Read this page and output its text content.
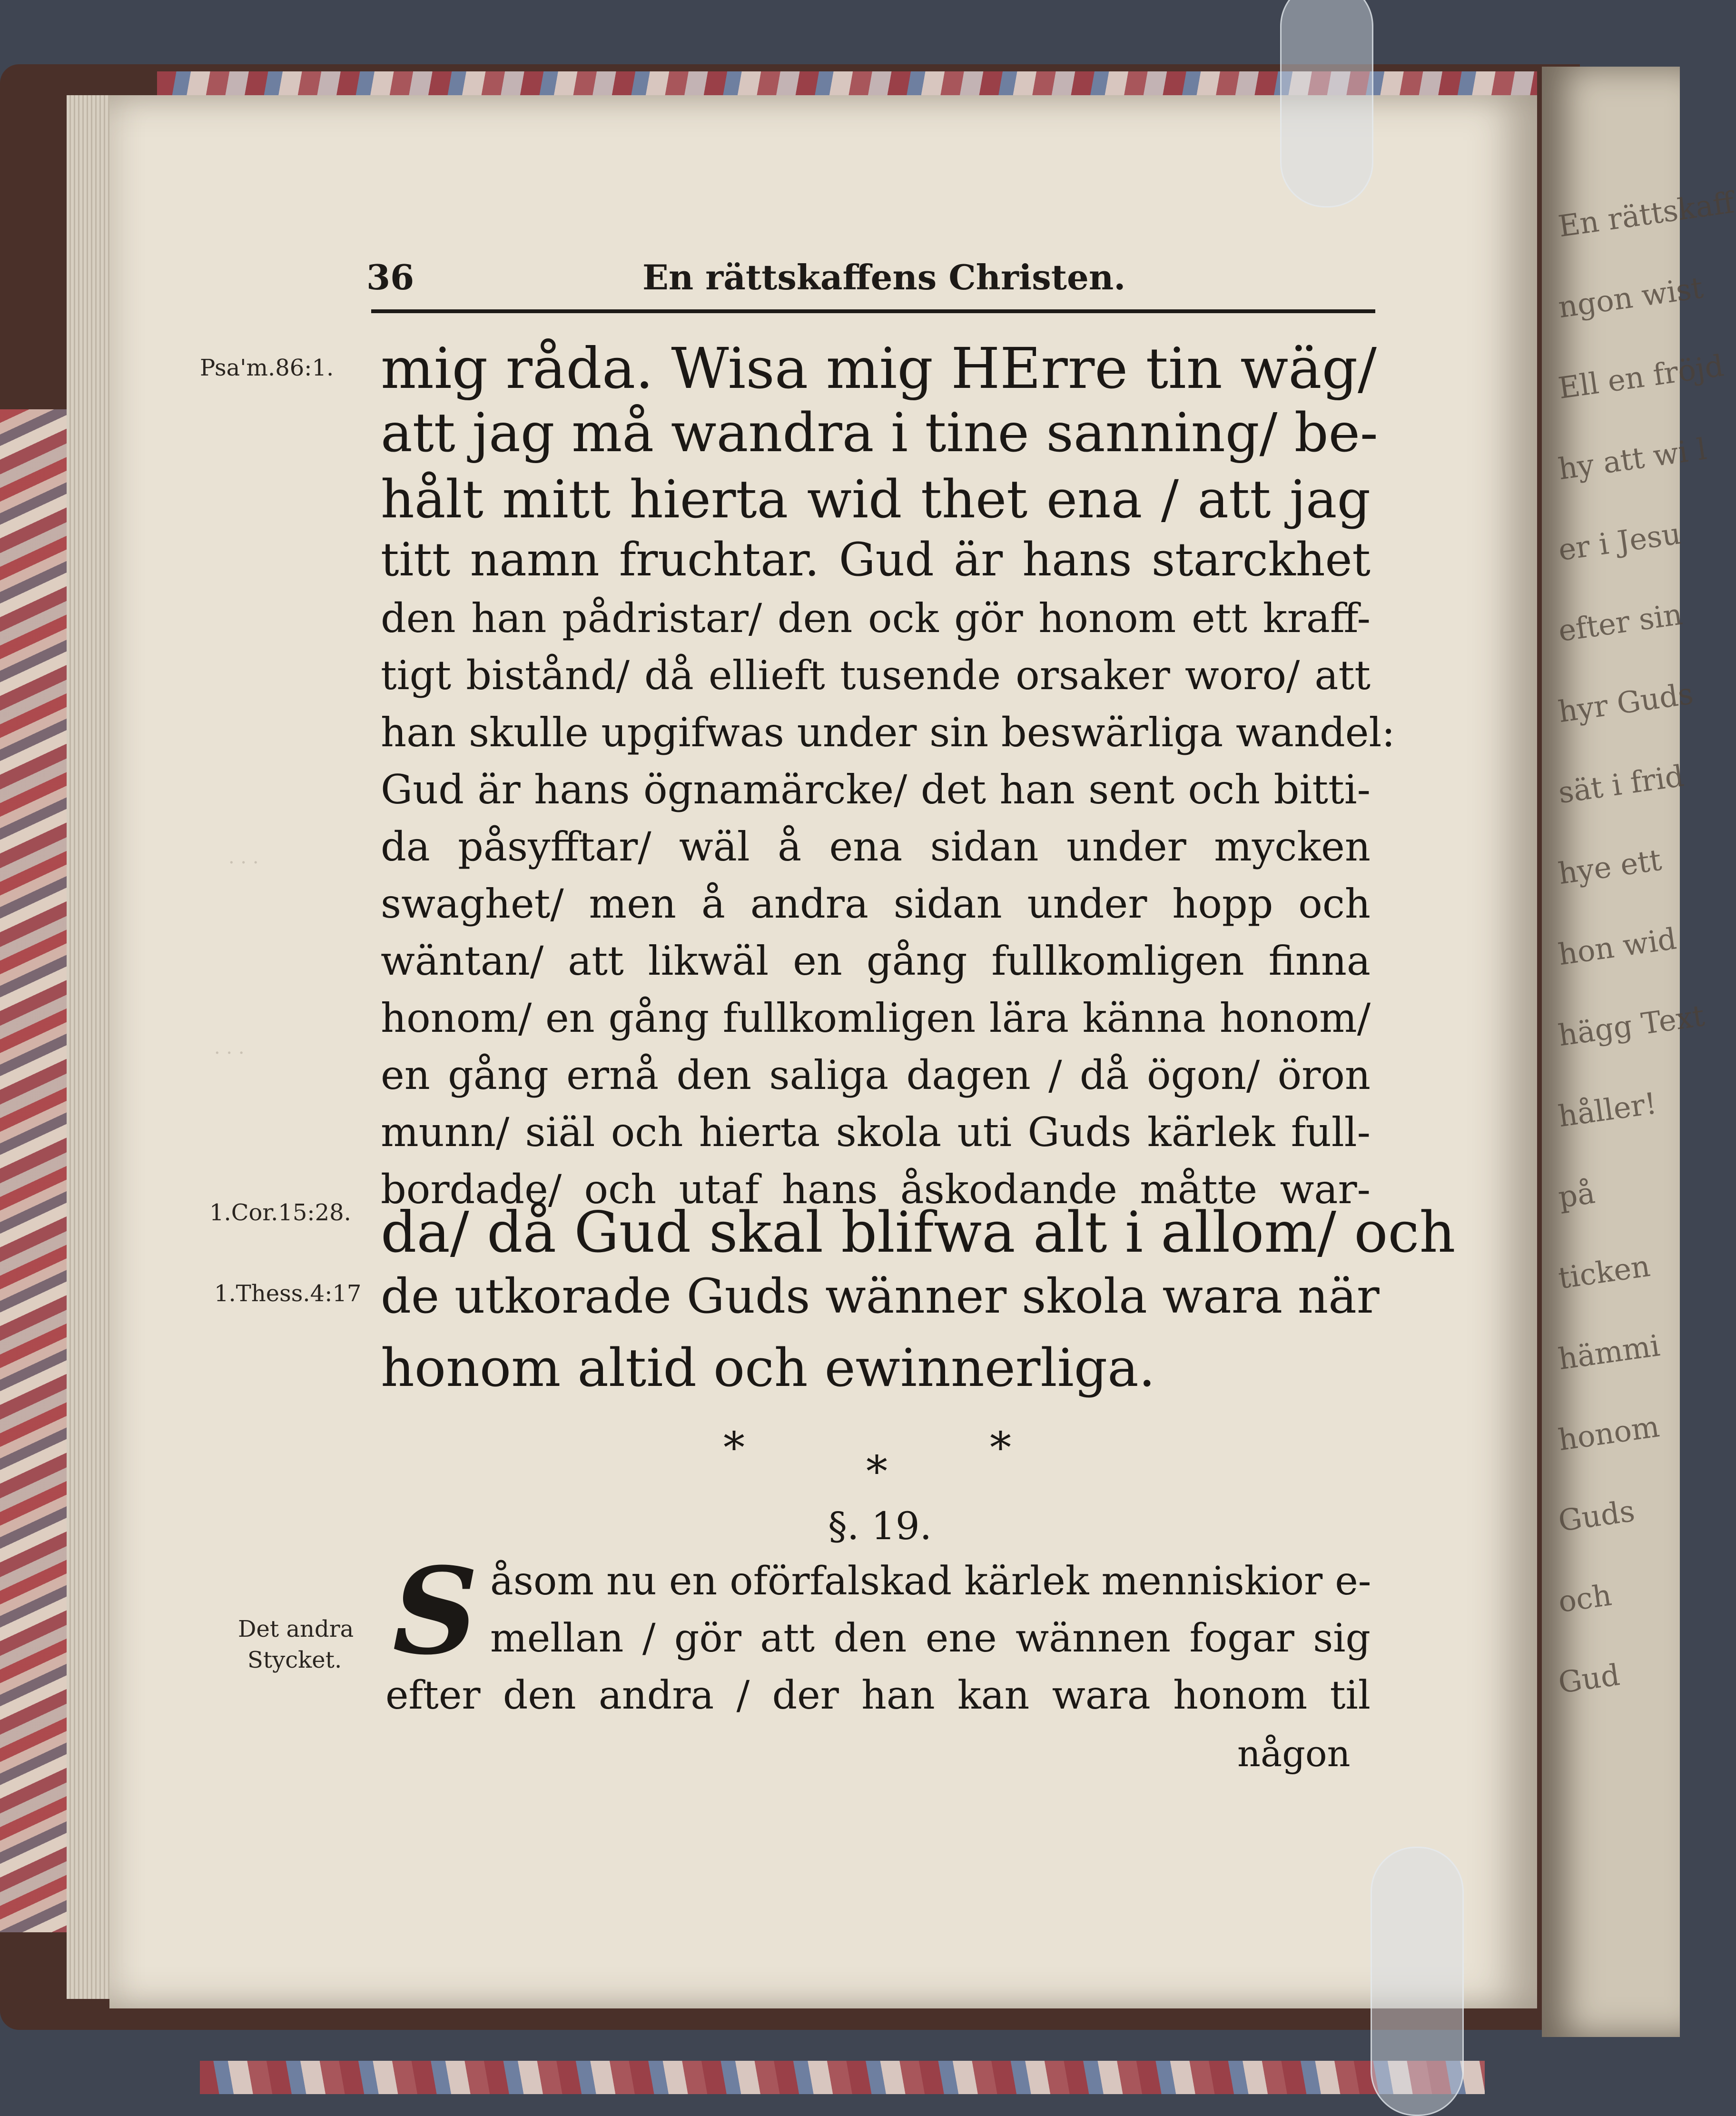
· · ·
· · ·
36	En rättskaffens Christen.
mig råda. Wisa mig HErre tin wäg/
att jag må wandra i tine sanning/ be-
hålt mitt hierta wid thet ena / att jag
titt namn fruchtar. Gud är hans starckhet
den han pådristar/ den ock gör honom ett kraff-
tigt bistånd/ då ellieft tusende orsaker woro/ att
han skulle upgifwas under sin beswärliga wandel:
Gud är hans ögnamärcke/ det han sent och bitti-
da påsyfftar/ wäl å ena sidan under mycken
swaghet/ men å andra sidan under hopp och
wäntan/ att likwäl en gång fullkomligen finna
honom/ en gång fullkomligen lära känna honom/
en gång ernå den saliga dagen / då ögon/ öron
munn/ siäl och hierta skola uti Guds kärlek full-
bordade/ och utaf hans åskodande måtte war-
da/ då Gud skal blifwa alt i allom/ och
de utkorade Guds wänner skola wara när
honom altid och ewinnerliga.
Psa'm.86:1.
1.Cor.15:28.
1.Thess.4:17
Det andra
Stycket.
*	* *
§. 19.
S åsom nu en oförfalskad kärlek menniskior e-
mellan / gör att den ene wännen fogar sig
efter den andra / der han kan wara honom til
någon
En rättskaff
ngon wist
Ell en fröjd
hy att wi l
er i Jesu
efter sin
hyr Guds
sät i frid
hye ett
hon wid
hägg Text
håller!
på
ticken
hämmi
honom
Guds
och
Gud
